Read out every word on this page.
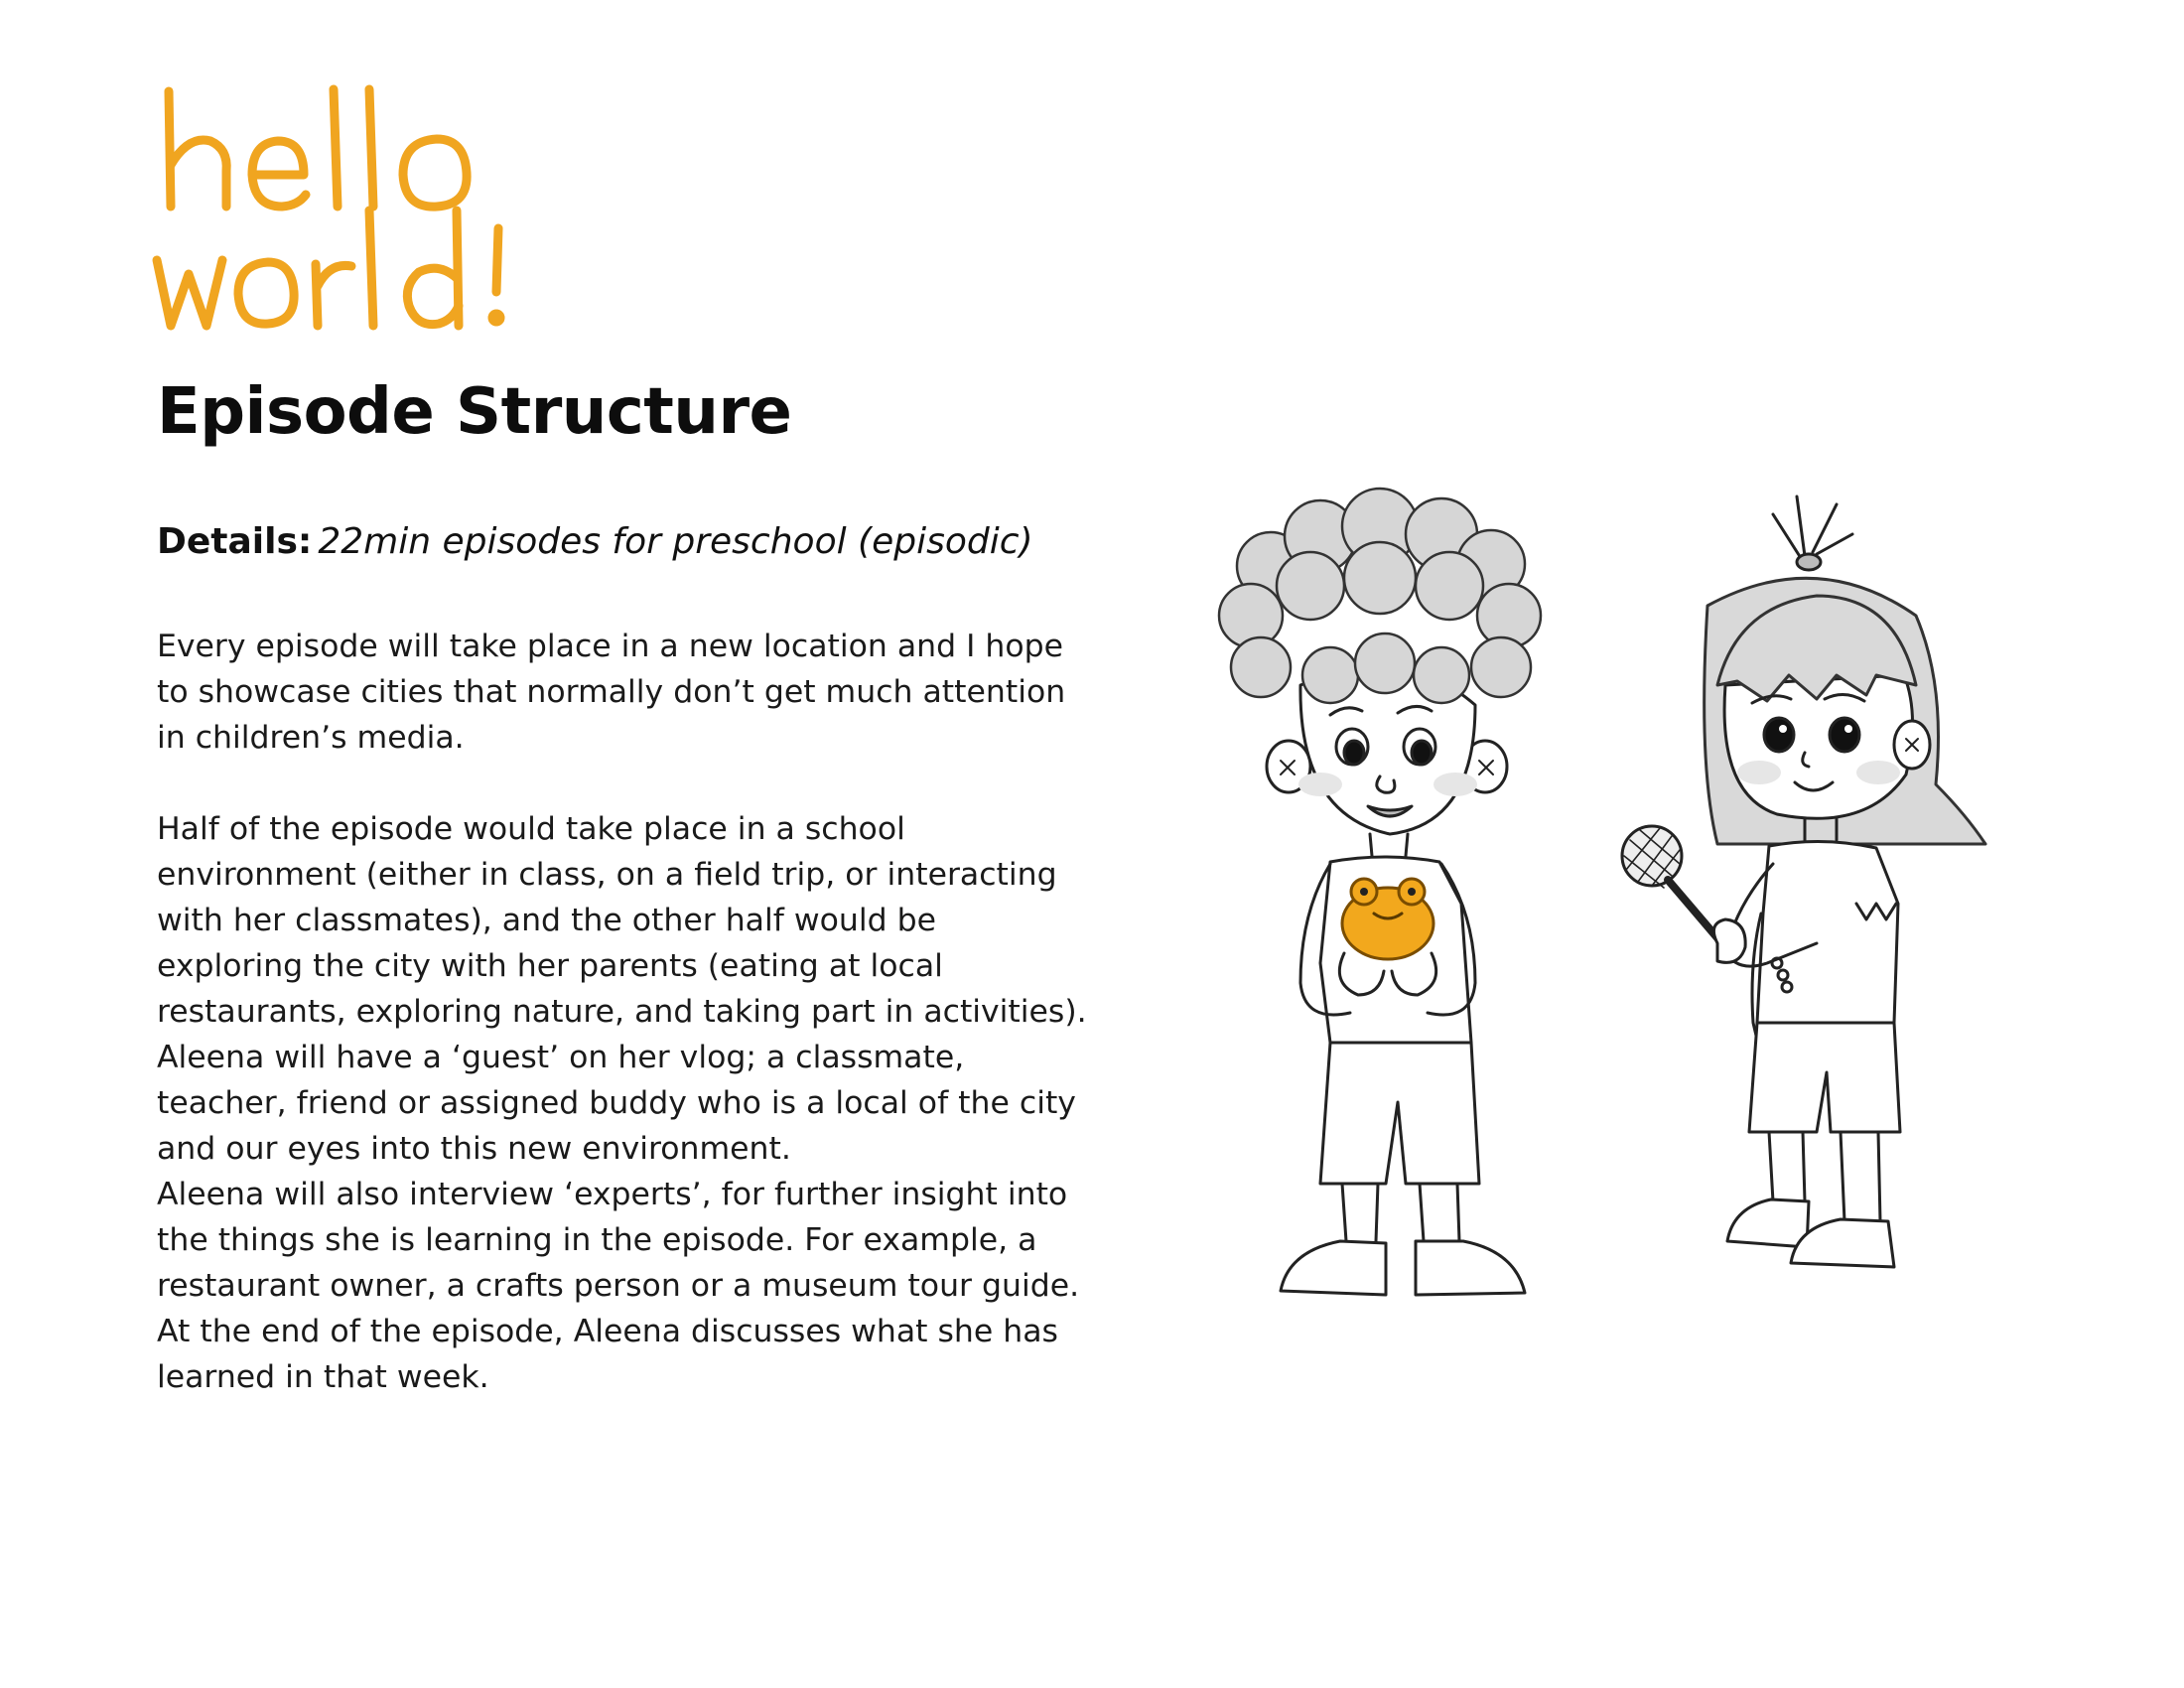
Episode Structure

Details: 22min episodes for preschool (episodic)

Every episode will take place in a new location and I hope
to showcase cities that normally don’t get much attention
in children’s media.

Half of the episode would take place in a school
environment (either in class, on a field trip, or interacting
with her classmates), and the other half would be
exploring the city with her parents (eating at local
restaurants, exploring nature, and taking part in activities).
Aleena will have a ‘guest’ on her vlog; a classmate,
teacher, friend or assigned buddy who is a local of the city
and our eyes into this new environment.
Aleena will also interview ‘experts’, for further insight into
the things she is learning in the episode. For example, a
restaurant owner, a crafts person or a museum tour guide.
At the end of the episode, Aleena discusses what she has
learned in that week.
